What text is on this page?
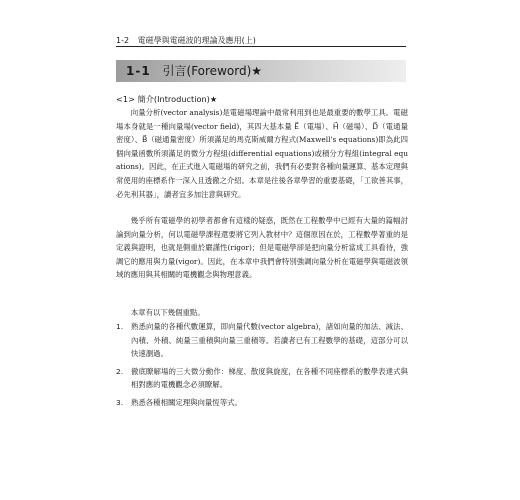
1-2 電磁學與電磁波的理論及應用(上)
1-1 引言(Foreword)★
<1> 簡介(Introduction)★

向量分析(vector analysis)是電磁場理論中最常利用到也是最重要的數學工具。電磁場本身就是一種向量場(vector field)，其四大基本量 E⃗（電場）、H⃗（磁場）、D⃗（電通量密度）、B⃗（磁通量密度）所須滿足的馬克斯威爾方程式(Maxwell's equations)即為此四個向量函數所須滿足的微分方程組(differential equations)或積分方程組(integral equations)。因此，在正式進入電磁場的研究之前，我們有必要對各種向量運算、基本定理與常使用的座標系作一深入且透徹之介紹。本章是往後各章學習的重要基礎，「工欲善其事，必先利其器」，讀者宜多加注意與研究。

幾乎所有電磁學的初學者都會有這樣的疑惑，既然在工程數學中已經有大量的篇幅討論到向量分析，何以電磁學課程還要將它列入教材中？這個原因在於，工程數學著重的是定義與證明，也就是側重於嚴謹性(rigor)；但是電磁學卻是把向量分析當成工具看待，強調它的應用與力量(vigor)。因此，在本章中我們會特別強調向量分析在電磁學與電磁波領域的應用與其相關的電機觀念與物理意義。

本章有以下幾個重點。

1. 熟悉向量的各種代數運算，即向量代數(vector algebra)，諸如向量的加法、減法、內積、外積、純量三重積與向量三重積等。若讀者已有工程數學的基礎，這部分可以快速瀏過。
2. 徹底瞭解場的三大微分動作：梯度、散度與旋度，在各種不同座標系的數學表達式與相對應的電機觀念必須瞭解。
3. 熟悉各種相關定理與向量恆等式。
